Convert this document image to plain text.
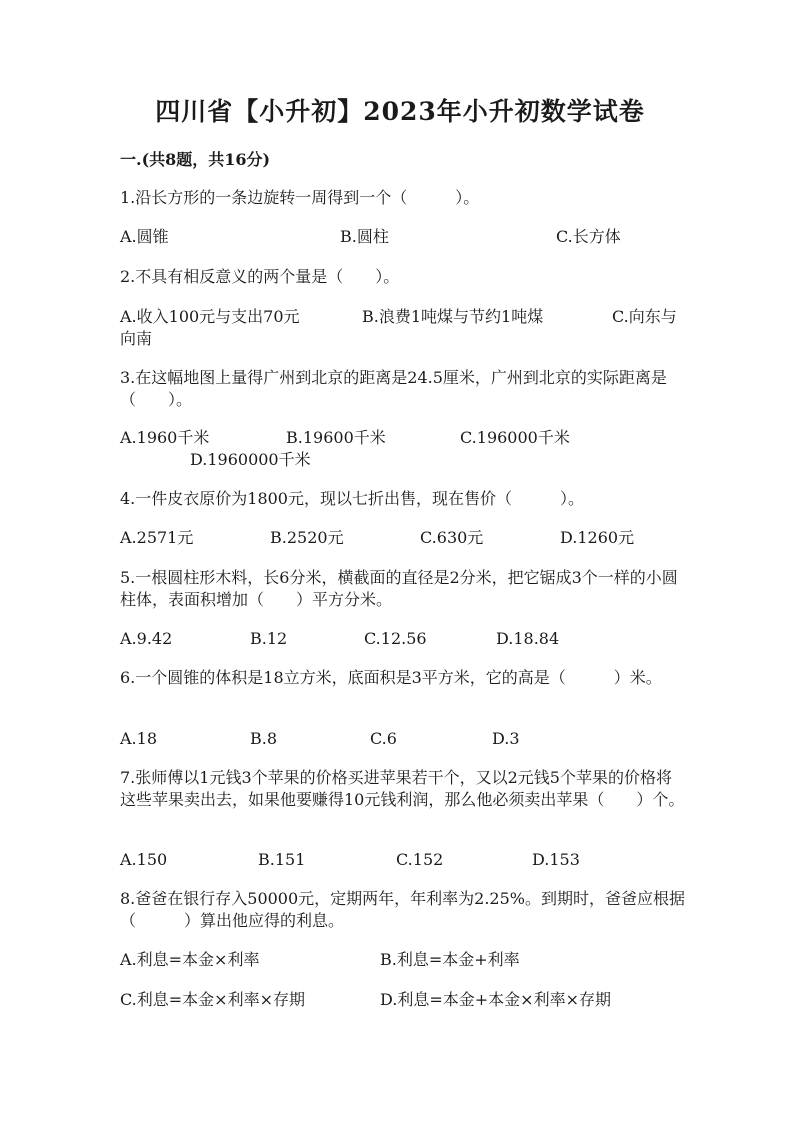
四川省【小升初】2023年小升初数学试卷
一.(共8题，共16分)
1.沿长方形的一条边旋转一周得到一个（　　　）。
A.圆锥	B.圆柱	C.长方体
2.不具有相反意义的两个量是（　　）。
A.收入100元与支出70元	B.浪费1吨煤与节约1吨煤	C.向东与
向南
3.在这幅地图上量得广州到北京的距离是24.5厘米，广州到北京的实际距离是（　　）。
A.1960千米	B.19600千米	C.196000千米
D.1960000千米
4.一件皮衣原价为1800元，现以七折出售，现在售价（　　　）。
A.2571元	B.2520元	C.630元	D.1260元
5.一根圆柱形木料，长6分米，横截面的直径是2分米，把它锯成3个一样的小圆柱体，表面积增加（　　）平方分米。
A.9.42	B.12	C.12.56	D.18.84
6.一个圆锥的体积是18立方米，底面积是3平方米，它的高是（　　　）米。
A.18	B.8	C.6	D.3
7.张师傅以1元钱3个苹果的价格买进苹果若干个，又以2元钱5个苹果的价格将这些苹果卖出去，如果他要赚得10元钱利润，那么他必须卖出苹果（　　）个。
A.150	B.151	C.152	D.153
8.爸爸在银行存入50000元，定期两年，年利率为2.25%。到期时，爸爸应根据（　　　）算出他应得的利息。
A.利息=本金×利率	B.利息=本金+利率
C.利息=本金×利率×存期	D.利息=本金+本金×利率×存期
